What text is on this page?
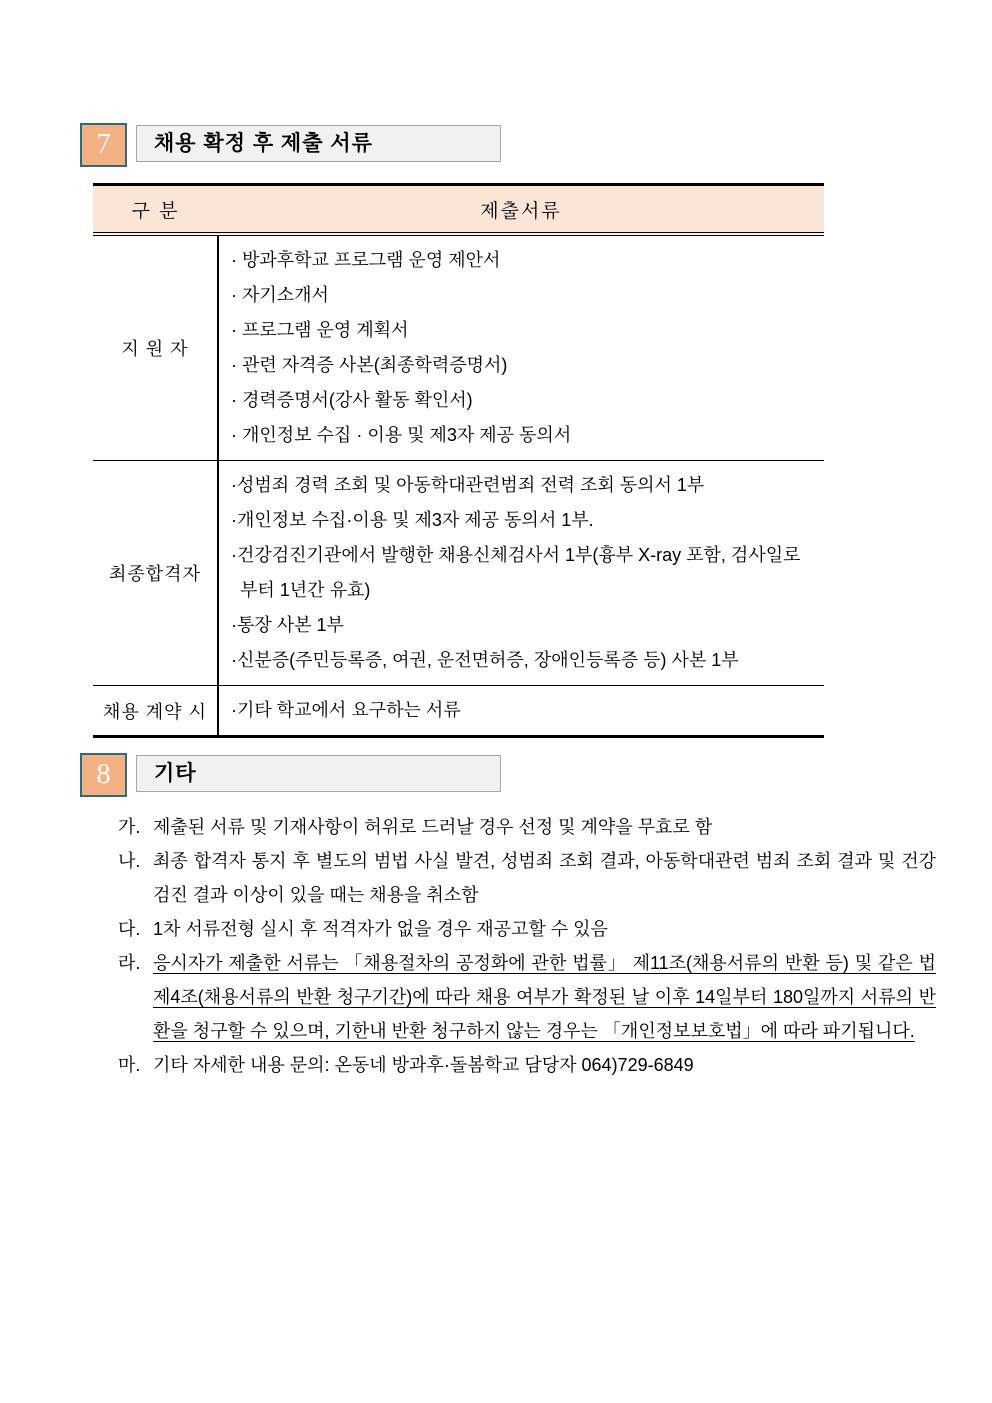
7	채용 확정 후 제출 서류
구 분	제출서류
지 원 자	
· 방과후학교 프로그램 운영 제안서
· 자기소개서
· 프로그램 운영 계획서
· 관련 자격증 사본(최종학력증명서)
· 경력증명서(강사 활동 확인서)
· 개인정보 수집 · 이용 및 제3자 제공 동의서

최종합격자	·성범죄 경력 조회 및 아동학대관련범죄 전력 조회 동의서 1부
·개인정보 수집·이용 및 제3자 제공 동의서 1부.
·건강검진기관에서 발행한 채용신체검사서 1부(흉부 X-ray 포함, 검사일로부터 1년간 유효)
·통장 사본 1부
·신분증(주민등록증, 여권, 운전면허증, 장애인등록증 등) 사본 1부

채용 계약 시	·기타 학교에서 요구하는 서류
8	기타
가. 제출된 서류 및 기재사항이 허위로 드러날 경우 선정 및 계약을 무효로 함
나. 최종 합격자 통지 후 별도의 범법 사실 발견, 성범죄 조회 결과, 아동학대관련 범죄 조회 결과 및 건강검진 결과 이상이 있을 때는 채용을 취소함
다. 1차 서류전형 실시 후 적격자가 없을 경우 재공고할 수 있음
라. 응시자가 제출한 서류는 「채용절차의 공정화에 관한 법률」 제11조(채용서류의 반환 등) 및 같은 법 제4조(채용서류의 반환 청구기간)에 따라 채용 여부가 확정된 날 이후 14일부터 180일까지 서류의 반환을 청구할 수 있으며, 기한내 반환 청구하지 않는 경우는 「개인정보보호법」에 따라 파기됩니다.
마. 기타 자세한 내용 문의: 온동네 방과후·돌봄학교 담당자 064)729-6849
